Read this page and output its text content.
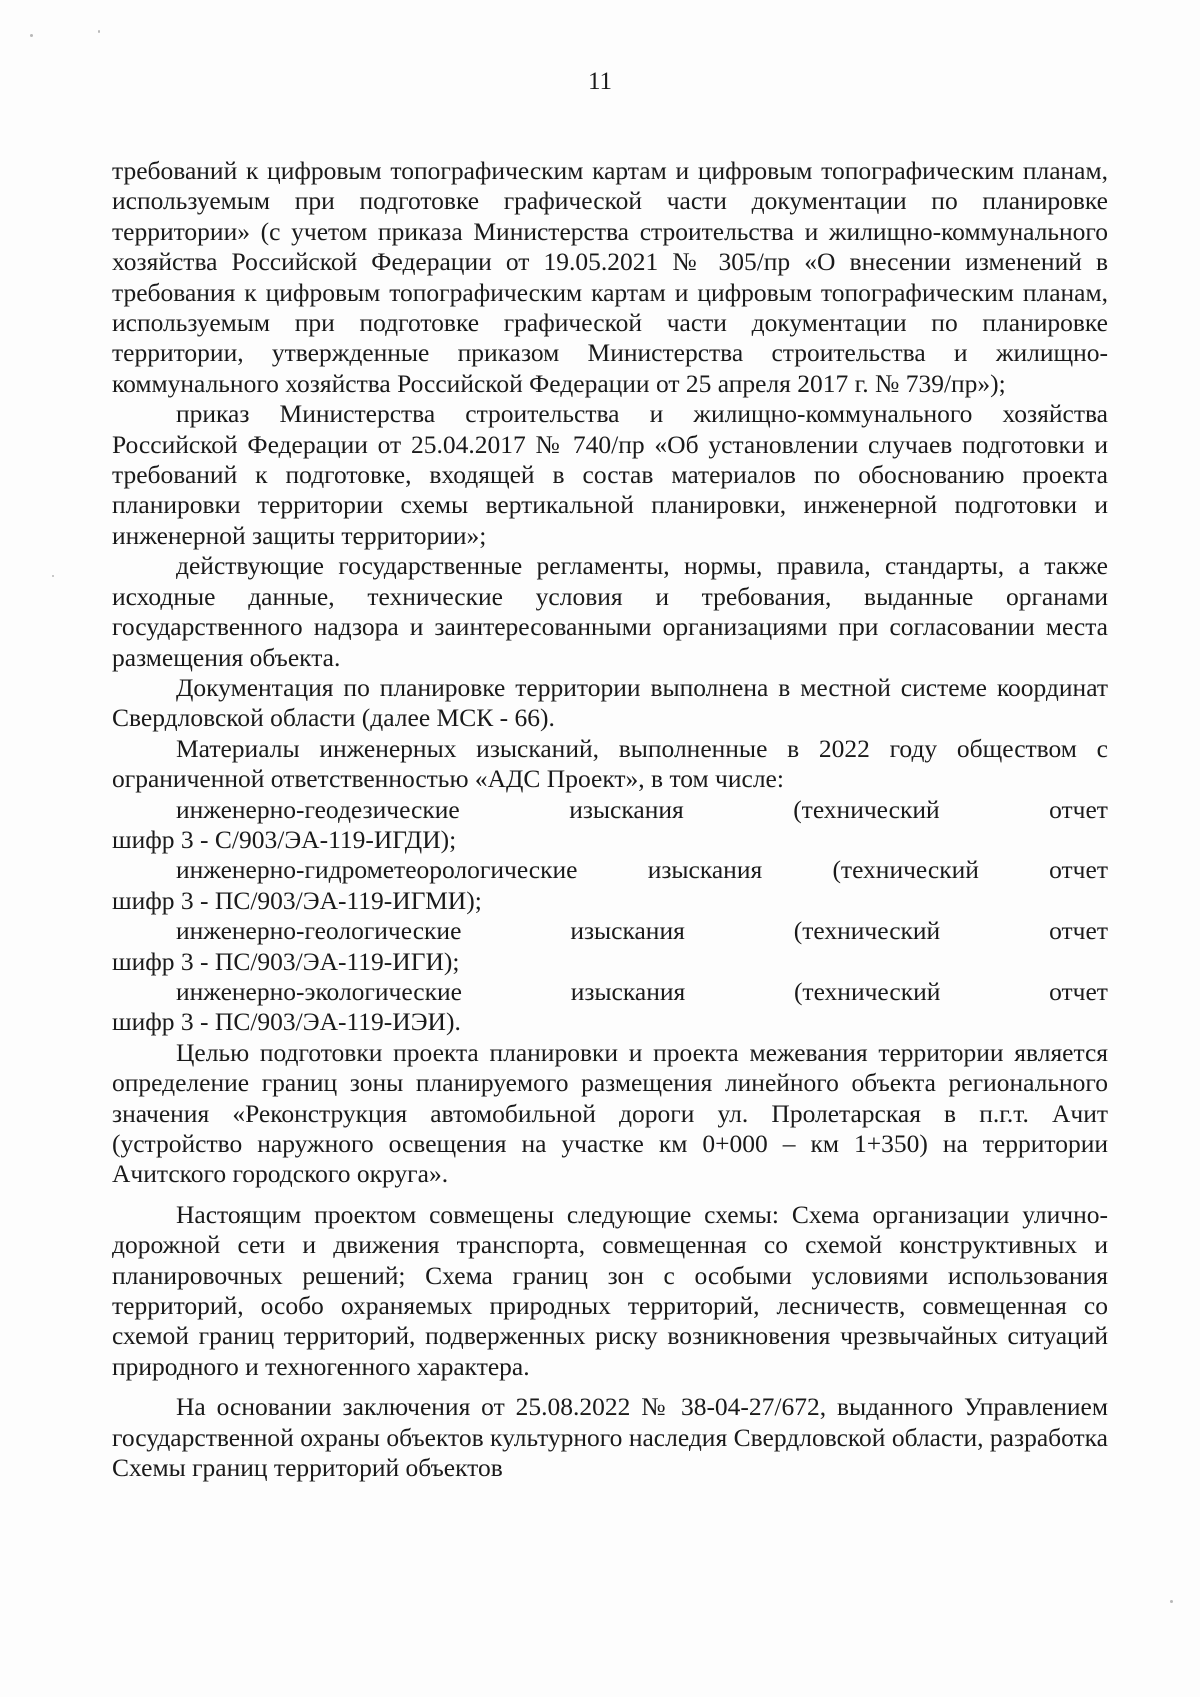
11

требований к цифровым топографическим картам и цифровым топографическим планам, используемым при подготовке графической части документации по планировке территории» (с учетом приказа Министерства строительства и жилищно-коммунального хозяйства Российской Федерации от 19.05.2021 № 305/пр «О внесении изменений в требования к цифровым топографическим картам и цифровым топографическим планам, используемым при подготовке графической части документации по планировке территории, утвержденные приказом Министерства строительства и жилищно-коммунального хозяйства Российской Федерации от 25 апреля 2017 г. № 739/пр»);

приказ Министерства строительства и жилищно-коммунального хозяйства Российской Федерации от 25.04.2017 № 740/пр «Об установлении случаев подготовки и требований к подготовке, входящей в состав материалов по обоснованию проекта планировки территории схемы вертикальной планировки, инженерной подготовки и инженерной защиты территории»;

действующие государственные регламенты, нормы, правила, стандарты, а также исходные данные, технические условия и требования, выданные органами государственного надзора и заинтересованными организациями при согласовании места размещения объекта.

Документация по планировке территории выполнена в местной системе координат Свердловской области (далее МСК - 66).

Материалы инженерных изысканий, выполненные в 2022 году обществом с ограниченной ответственностью «АДС Проект», в том числе:

инженерно-геодезические	изыскания	(технический	отчет
шифр 3 - С/903/ЭА-119-ИГДИ);
инженерно-гидрометеорологические	изыскания	(технический	отчет
шифр 3 - ПС/903/ЭА-119-ИГМИ);
инженерно-геологические	изыскания	(технический	отчет
шифр 3 - ПС/903/ЭА-119-ИГИ);
инженерно-экологические	изыскания	(технический	отчет
шифр 3 - ПС/903/ЭА-119-ИЭИ).

Целью подготовки проекта планировки и проекта межевания территории является определение границ зоны планируемого размещения линейного объекта регионального значения «Реконструкция автомобильной дороги ул. Пролетарская в п.г.т. Ачит (устройство наружного освещения на участке км 0+000 – км 1+350) на территории Ачитского городского округа».

Настоящим проектом совмещены следующие схемы: Схема организации улично-дорожной сети и движения транспорта, совмещенная со схемой конструктивных и планировочных решений; Схема границ зон с особыми условиями использования территорий, особо охраняемых природных территорий, лесничеств, совмещенная со схемой границ территорий, подверженных риску возникновения чрезвычайных ситуаций природного и техногенного характера.

На основании заключения от 25.08.2022 № 38-04-27/672, выданного Управлением государственной охраны объектов культурного наследия Свердловской области, разработка Схемы границ территорий объектов
